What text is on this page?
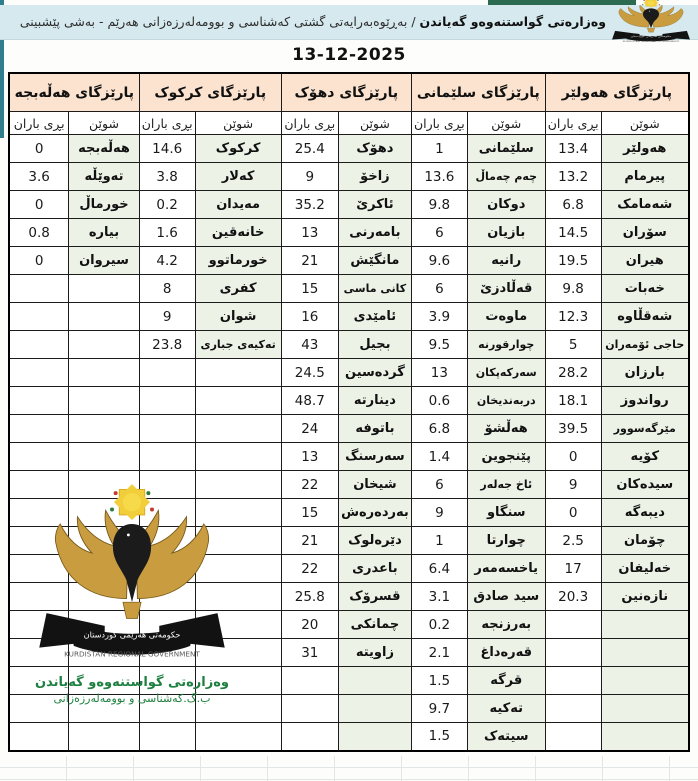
وەزارەتی گواستنەوەو گەیاندن / بەڕێوەبەرایەتی گشتی کەشناسی و بوومەلەرزەزانی هەرێم - بەشی پێشبینی
13-12-2025
پارێزگای هەولێر		پارێزگای سلێمانی		پارێزگای دهۆک		پارێزگای کرکوک		پارێزگای هەڵەبجە	
شوێن	بڕی باران	شوێن	بڕی باران	شوێن	بڕی باران	شوێن	بڕی باران	شوێن	بڕی باران
هەولێر	13.4	سلێمانی	1	دهۆک	25.4	کرکوک	14.6	هەڵەبجە	0
پیرمام	13.2	چەم چەماڵ	13.6	زاخۆ	9	کەلار	3.8	تەوێڵە	3.6
شەمامک	6.8	دوکان	9.8	ئاکرێ	35.2	مەیدان	0.2	خورماڵ	0
سۆران	14.5	بازیان	6	بامەرنی	13	خانەقین	1.6	بیارە	0.8
هیران	19.5	رانیە	9.6	مانگێش	21	خورماتوو	4.2	سیروان	0
خەبات	9.8	قەڵادزێ	6	کانی ماسی	15	کفری	8		
شەقڵاوە	12.3	ماوەت	3.9	ئامێدی	16	شوان	9		
حاجی ئۆمەران	5	چوارقورنە	9.5	بجیل	43	تەکیەی جباری	23.8		
بارزان	28.2	سەرکەپکان	13	گردەسین	24.5				
رواندوز	18.1	دربەندیخان	0.6	دینارتە	48.7				
مێرگەسوور	39.5	هەڵشۆ	6.8	باتوفە	24				
کۆیە	0	پێنجوین	1.4	سەرسنگ	13				
سیدەکان	9	ئاخ جەلەر	6	شیخان	22				
دیبەگە	0	سنگاو	9	بەردەرەش	15				
چۆمان	2.5	چوارتا	1	دێرەلوک	21				
خەلیفان	17	یاخسەمەر	6.4	باعدری	22				
نازەنین	20.3	سید صادق	3.1	قسرۆک	25.8				
		بەرزنجە	0.2	چمانکی	20				
		قەرەداغ	2.1	زاویتە	31				
		قرگە	1.5						
		تەکیە	9.7						
		سیتەک	1.5						
وەزارەتی گواستنەوەو گەیاندن
ب.گ.کەشناسی و بوومەلەرزەزانی
